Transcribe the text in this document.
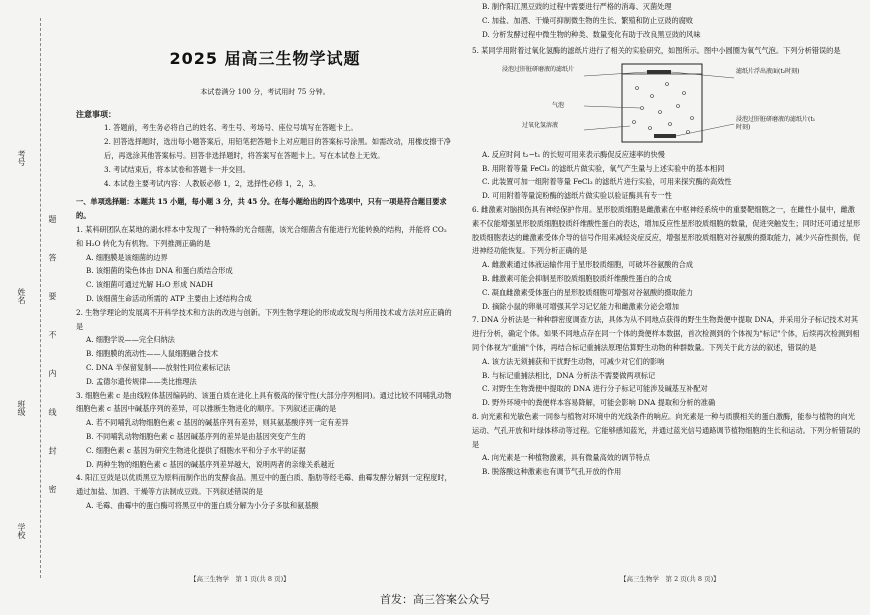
考号
姓名
班级
学校
题 答 要 不 内 线 封 密
2025 届高三生物学试题
本试卷满分 100 分，考试用时 75 分钟。
注意事项：

1. 答题前，考生务必将自己的姓名、考生号、考场号、座位号填写在答题卡上。

2. 回答选择题时，选出每小题答案后，用铅笔把答题卡上对应题目的答案标号涂黑。如需改动，用橡皮擦干净后，再选涂其他答案标号。回答非选择题时，将答案写在答题卡上。写在本试卷上无效。

3. 考试结束后，将本试卷和答题卡一并交回。

4. 本试卷主要考试内容：人教版必修 1，2，选择性必修 1，2，3。

一、单项选择题：本题共 15 小题，每小题 3 分，共 45 分。在每小题给出的四个选项中，只有一项是符合题目要求的。

1. 某科研团队在某地的湖水样本中发现了一种特殊的光合细菌，该光合细菌含有能进行光能转换的结构，并能将 CO₂ 和 H₂O 转化为有机物。下列推测正确的是

A. 细胞膜是该细菌的边界

B. 该细菌的染色体由 DNA 和蛋白质结合形成

C. 该细菌可通过光解 H₂O 形成 NADH

D. 该细菌生命活动所需的 ATP 主要由上述结构合成

2. 生物学理论的发展离不开科学技术和方法的改进与创新。下列生物学理论的形成或发现与所用技术或方法对应正确的是

A. 细胞学说——完全归纳法

B. 细胞膜的流动性——人鼠细胞融合技术

C. DNA 半保留复制——放射性同位素标记法

D. 孟德尔遗传规律——类比推理法

3. 细胞色素 c 是由线粒体基因编码的、该蛋白质在进化上具有极高的保守性(大部分序列相同)。通过比较不同哺乳动物细胞色素 c 基因中碱基序列的差异，可以推断生物进化的顺序。下列叙述正确的是

A. 若不同哺乳动物细胞色素 c 基因的碱基序列有差异，则其氨基酸序列一定有差异

B. 不同哺乳动物细胞色素 c 基因碱基序列的差异是由基因突变产生的

C. 细胞色素 c 基因为研究生物进化提供了细胞水平和分子水平的证据

D. 两种生物的细胞色素 c 基因的碱基序列差异越大，说明两者的亲缘关系越近

4. 阳江豆豉是以优质黑豆为原料而制作出的发酵食品。黑豆中的蛋白质、脂肪等经毛霉、曲霉发酵分解到一定程度时，通过加盐、加酒、干燥等方法制成豆豉。下列叙述错误的是

A. 毛霉、曲霉中的蛋白酶可将黑豆中的蛋白质分解为小分子多肽和氨基酸

【高三生物学　第 1 页(共 8 页)】

B. 制作阳江黑豆豉的过程中需要进行严格的消毒、灭菌处理

C. 加盐、加酒、干燥可抑制微生物的生长、繁殖和防止豆豉的腐败

D. 分析发酵过程中微生物的种类、数量变化有助于改良黑豆豉的风味

5. 某同学用附着过氧化氢酶的滤纸片进行了相关的实验研究，如图所示。图中小圆圈为氧气气泡。下列分析错误的是

浸泡过肝脏研磨液的滤纸片
气泡
过氧化氢溶液
滤纸片浮出液面(t₂时刻)
浸泡过肝脏研磨液的滤纸片(t₁时刻)

A. 反应时间 t₂−t₁ 的长短可用来表示酶促反应速率的快慢

B. 用附着等量 FeCl₃ 的滤纸片做实验，氧气产生量与上述实验中的基本相同

C. 此装置可加一组附着等量 FeCl₃ 的滤纸片进行实验，可用来探究酶的高效性

D. 可用附着等量淀粉酶的滤纸片做实验以验证酶具有专一性

6. 雌激素对脑损伤具有神经保护作用。星形胶质细胞是雌激素在中枢神经系统中的重要靶细胞之一，在雌性小鼠中，雌激素不仅能增强星形胶质细胞胶质纤维酸性蛋白的表达，增加反应性星形胶质细胞的数量，促进突触发生；同时还可通过星形胶质细胞表达的雌激素受体介导的信号作用来减轻炎症反应，增强星形胶质细胞对谷氨酸的摄取能力，减少兴奋性损伤，促进神经功能恢复。下列分析正确的是

A. 雌激素通过体液运输作用于星形胶质细胞，可破坏谷氨酸的合成

B. 雌激素可能会抑制星形胶质细胞胶质纤维酸性蛋白的合成

C. 凝血雌激素受体蛋白的星形胶质细胞可增强对谷氨酸的摄取能力

D. 摘除小鼠的卵巢可增强其学习记忆能力和雌激素分泌会增加

7. DNA 分析法是一种种群密度调查方法，具体为从不同地点获得的野生生物粪便中提取 DNA，并采用分子标记技术对其进行分析，确定个体。如果不同地点存在同一个体的粪便样本数据，首次检测到的个体视为"标记"个体，后续再次检测到相同个体视为"重捕"个体，再结合标记重捕法原理估算野生动物的种群数量。下列关于此方法的叙述，错误的是

A. 该方法无须捕获和干扰野生动物，可减少对它们的影响

B. 与标记重捕法相比，DNA 分析法不需要做两项标记

C. 对野生生物粪便中提取的 DNA 进行分子标记可能涉及碱基互补配对

D. 野外环境中的粪便样本容易降解，可能会影响 DNA 提取和分析的准确

8. 向光素和光敏色素一同参与植物对环境中的光线条件的响应。向光素是一种与质膜相关的蛋白激酶，能参与植物的向光运动、气孔开放和叶绿体移动等过程。它能够感知蓝光，并通过蓝光信号通路调节植物细胞的生长和运动。下列分析错误的是

A. 向光素是一种植物激素，具有微量高效的调节特点

B. 脱落酸这种激素也有调节气孔开放的作用

【高三生物学　第 2 页(共 8 页)】
首发：高三答案公众号
